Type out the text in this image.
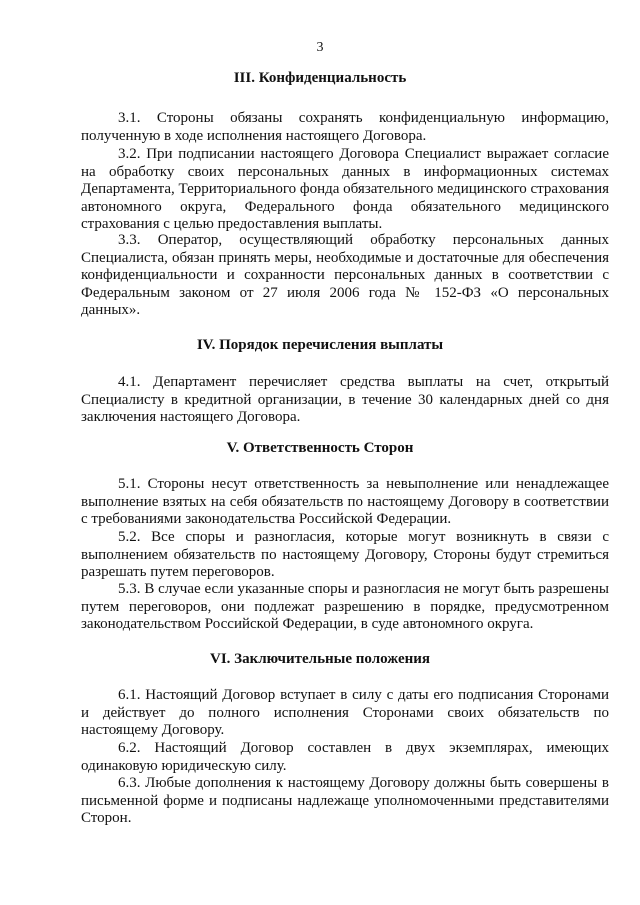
3
III. Конфиденциальность

3.1. Стороны обязаны сохранять конфиденциальную информацию, полученную в ходе исполнения настоящего Договора.

3.2. При подписании настоящего Договора Специалист выражает согласие на обработку своих персональных данных в информационных системах Департамента, Территориального фонда обязательного медицинского страхования автономного округа, Федерального фонда обязательного медицинского страхования с целью предоставления выплаты.

3.3. Оператор, осуществляющий обработку персональных данных Специалиста, обязан принять меры, необходимые и достаточные для обеспечения конфиденциальности и сохранности персональных данных в соответствии с Федеральным законом от 27 июля 2006 года № 152-ФЗ «О персональных данных».

IV. Порядок перечисления выплаты

4.1. Департамент перечисляет средства выплаты на счет, открытый Специалисту в кредитной организации, в течение 30 календарных дней со дня заключения настоящего Договора.

V. Ответственность Сторон

5.1. Стороны несут ответственность за невыполнение или ненадлежащее выполнение взятых на себя обязательств по настоящему Договору в соответствии с требованиями законодательства Российской Федерации.

5.2. Все споры и разногласия, которые могут возникнуть в связи с выполнением обязательств по настоящему Договору, Стороны будут стремиться разрешать путем переговоров.

5.3. В случае если указанные споры и разногласия не могут быть разрешены путем переговоров, они подлежат разрешению в порядке, предусмотренном законодательством Российской Федерации, в суде автономного округа.

VI. Заключительные положения

6.1. Настоящий Договор вступает в силу с даты его подписания Сторонами и действует до полного исполнения Сторонами своих обязательств по настоящему Договору.

6.2. Настоящий Договор составлен в двух экземплярах, имеющих одинаковую юридическую силу.

6.3. Любые дополнения к настоящему Договору должны быть совершены в письменной форме и подписаны надлежаще уполномоченными представителями Сторон.
